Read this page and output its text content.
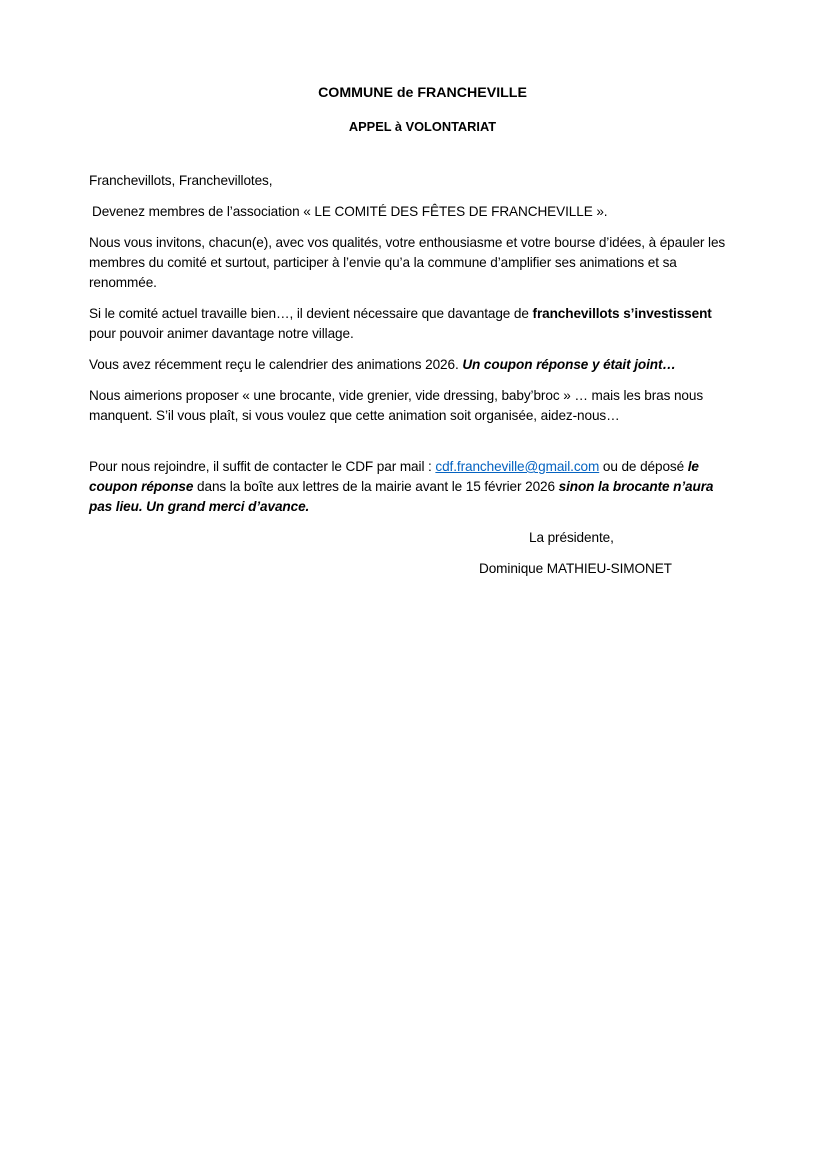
COMMUNE de FRANCHEVILLE
APPEL à VOLONTARIAT

Franchevillots, Franchevillotes,

Devenez membres de l’association « LE COMITÉ DES FÊTES DE FRANCHEVILLE ».

Nous vous invitons, chacun(e), avec vos qualités, votre enthousiasme et votre bourse d’idées, à épauler les membres du comité et surtout, participer à l’envie qu’a la commune d’amplifier ses animations et sa renommée.

Si le comité actuel travaille bien…, il devient nécessaire que davantage de franchevillots s’investissent pour pouvoir animer davantage notre village.

Vous avez récemment reçu le calendrier des animations 2026. Un coupon réponse y était joint…

Nous aimerions proposer « une brocante, vide grenier, vide dressing, baby’broc » … mais les bras nous manquent. S’il vous plaît, si vous voulez que cette animation soit organisée, aidez-nous…

Pour nous rejoindre, il suffit de contacter le CDF par mail : cdf.francheville@gmail.com ou de déposé le coupon réponse dans la boîte aux lettres de la mairie avant le 15 février 2026 sinon la brocante n’aura pas lieu. Un grand merci d’avance.

La présidente,

Dominique MATHIEU-SIMONET
